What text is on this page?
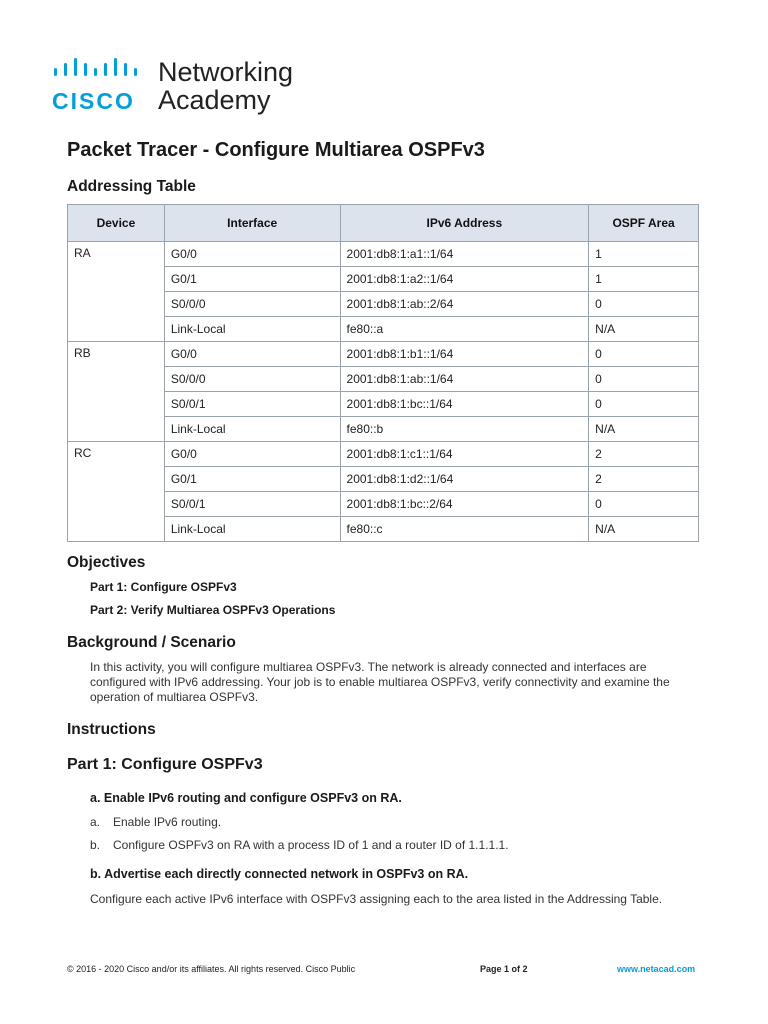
CISCO
Networking
Academy
Packet Tracer - Configure Multiarea OSPFv3
Addressing Table
Device	Interface	IPv6 Address	OSPF Area
RA	G0/0	2001:db8:1:a1::1/64	1
	G0/1	2001:db8:1:a2::1/64	1
	S0/0/0	2001:db8:1:ab::2/64	0
	Link-Local	fe80::a	N/A
RB	G0/0	2001:db8:1:b1::1/64	0
	S0/0/0	2001:db8:1:ab::1/64	0
	S0/0/1	2001:db8:1:bc::1/64	0
	Link-Local	fe80::b	N/A
RC	G0/0	2001:db8:1:c1::1/64	2
	G0/1	2001:db8:1:d2::1/64	2
	S0/0/1	2001:db8:1:bc::2/64	0
	Link-Local	fe80::c	N/A
Objectives
Part 1: Configure OSPFv3
Part 2: Verify Multiarea OSPFv3 Operations
Background / Scenario
In this activity, you will configure multiarea OSPFv3. The network is already connected and interfaces are
configured with IPv6 addressing. Your job is to enable multiarea OSPFv3, verify connectivity and examine the
operation of multiarea OSPFv3.
Instructions
Part 1: Configure OSPFv3
a. Enable IPv6 routing and configure OSPFv3 on RA.
a. Enable IPv6 routing.
b. Configure OSPFv3 on RA with a process ID of 1 and a router ID of 1.1.1.1.
b. Advertise each directly connected network in OSPFv3 on RA.
Configure each active IPv6 interface with OSPFv3 assigning each to the area listed in the Addressing Table.
© 2016 - 2020 Cisco and/or its affiliates. All rights reserved. Cisco Public	Page 1 of 2	www.netacad.com
